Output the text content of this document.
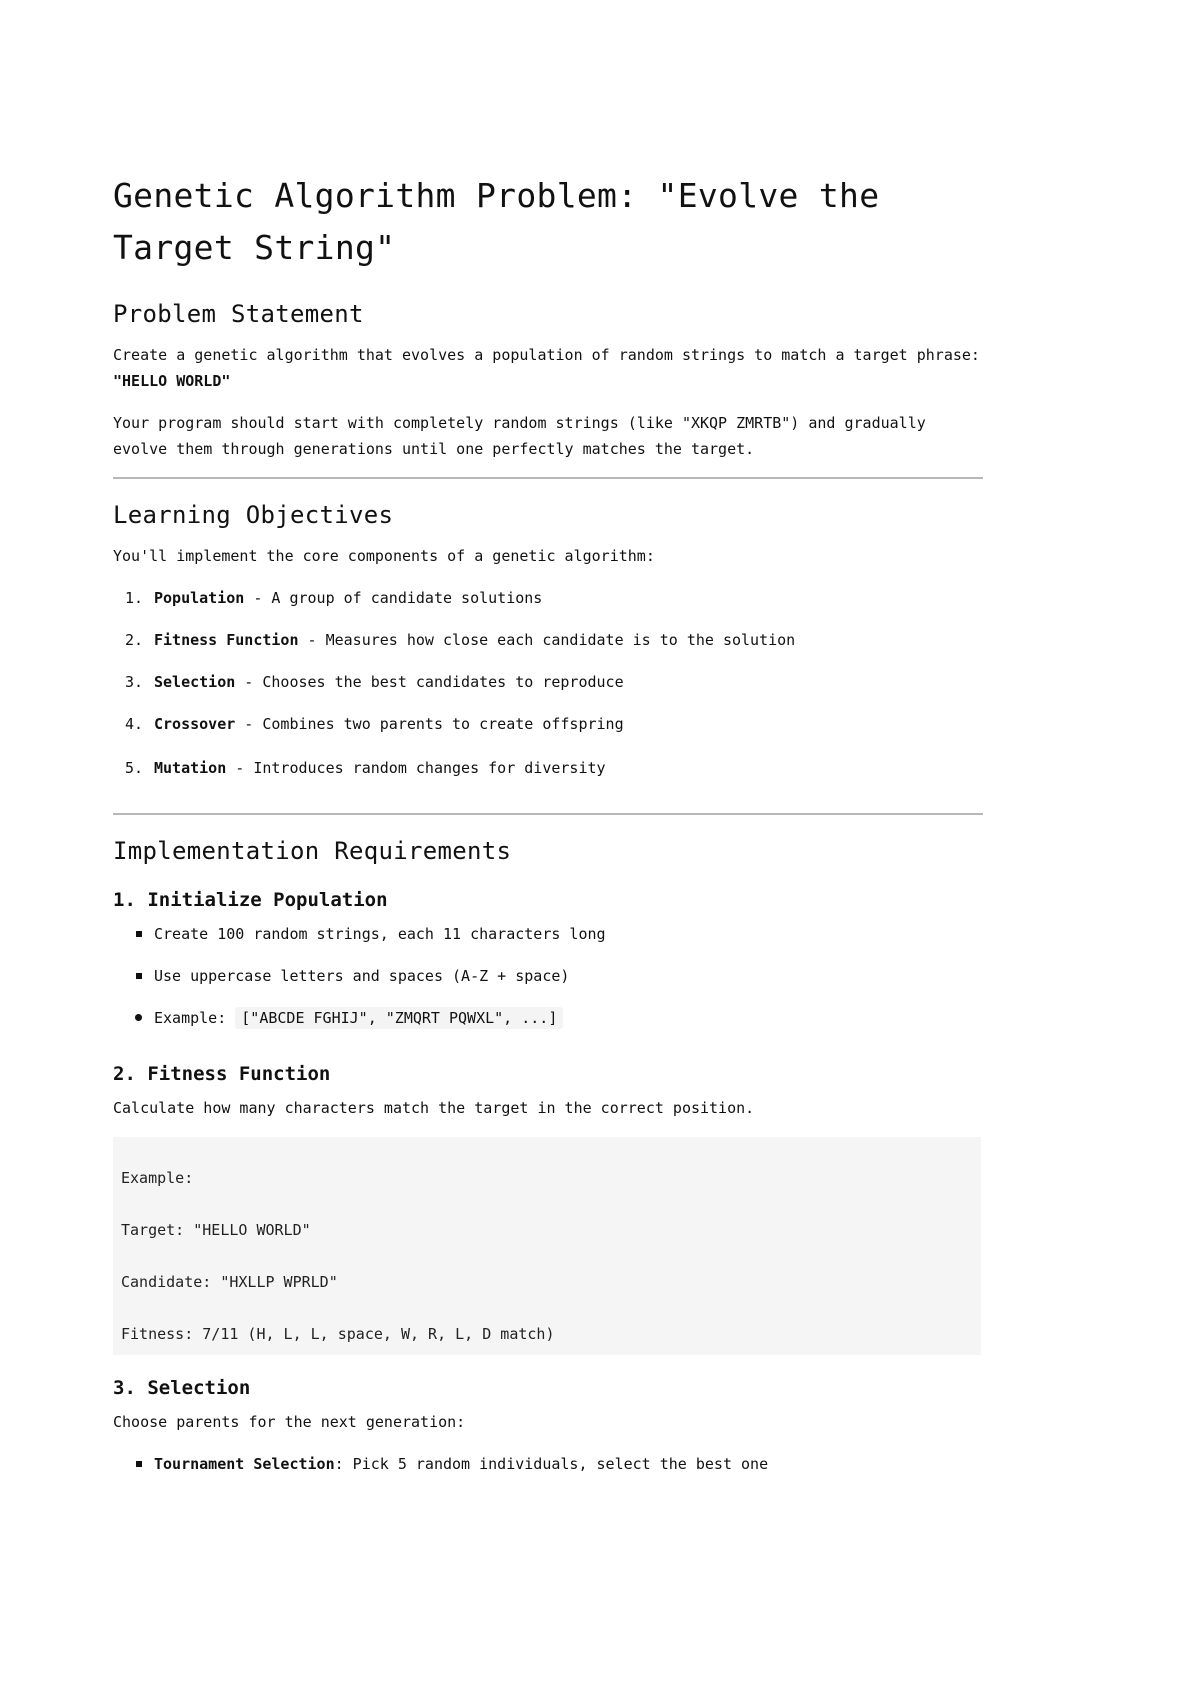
Genetic Algorithm Problem: "Evolve the Target String"
Problem Statement

Create a genetic algorithm that evolves a population of random strings to match a target phrase: "HELLO WORLD"

Your program should start with completely random strings (like "XKQP ZMRTB") and gradually evolve them through generations until one perfectly matches the target.

Learning Objectives

You'll implement the core components of a genetic algorithm:

1. Population - A group of candidate solutions
2. Fitness Function - Measures how close each candidate is to the solution
3. Selection - Chooses the best candidates to reproduce
4. Crossover - Combines two parents to create offspring
5. Mutation - Introduces random changes for diversity
Implementation Requirements
1. Initialize Population
Create 100 random strings, each 11 characters long
Use uppercase letters and spaces (A-Z + space)
Example: ["ABCDE FGHIJ", "ZMQRT PQWXL", ...]
2. Fitness Function

Calculate how many characters match the target in the correct position.

Example:
Target: "HELLO WORLD"
Candidate: "HXLLP WPRLD"
Fitness: 7/11 (H, L, L, space, W, R, L, D match)
3. Selection

Choose parents for the next generation:

Tournament Selection: Pick 5 random individuals, select the best one
